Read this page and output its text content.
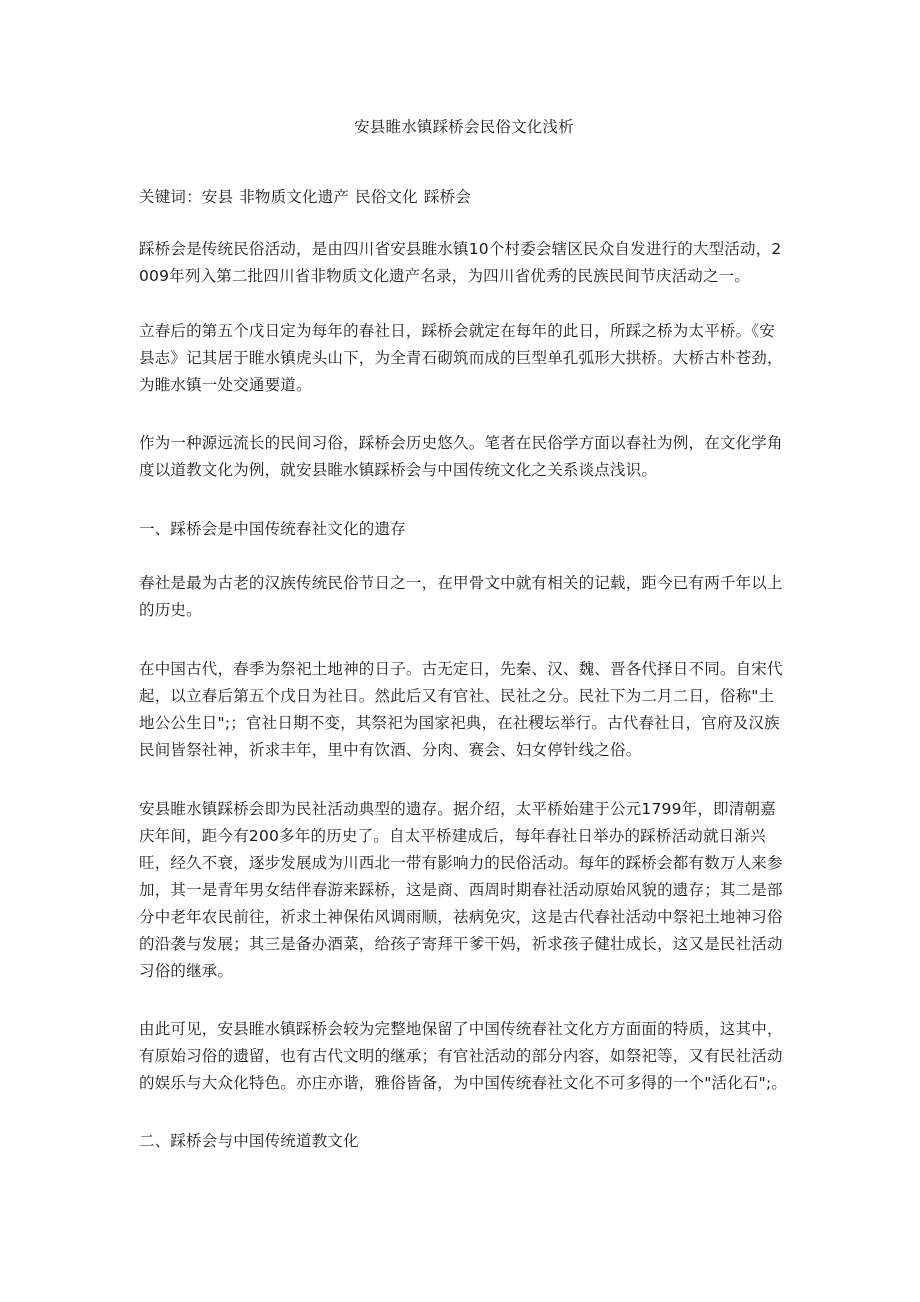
安县睢水镇踩桥会民俗文化浅析

关键词：安县 非物质文化遗产 民俗文化 踩桥会

踩桥会是传统民俗活动，是由四川省安县睢水镇10个村委会辖区民众自发进行的大型活动，2009年列入第二批四川省非物质文化遗产名录，为四川省优秀的民族民间节庆活动之一。

立春后的第五个戊日定为每年的春社日，踩桥会就定在每年的此日，所踩之桥为太平桥。《安县志》记其居于睢水镇虎头山下，为全青石砌筑而成的巨型单孔弧形大拱桥。大桥古朴苍劲，为睢水镇一处交通要道。

作为一种源远流长的民间习俗，踩桥会历史悠久。笔者在民俗学方面以春社为例，在文化学角度以道教文化为例，就安县睢水镇踩桥会与中国传统文化之关系谈点浅识。

一、踩桥会是中国传统春社文化的遗存

春社是最为古老的汉族传统民俗节日之一，在甲骨文中就有相关的记载，距今已有两千年以上的历史。

在中国古代，春季为祭祀土地神的日子。古无定日，先秦、汉、魏、晋各代择日不同。自宋代起，以立春后第五个戊日为社日。然此后又有官社、民社之分。民社下为二月二日，俗称"土地公公生日";；官社日期不变，其祭祀为国家祀典，在社稷坛举行。古代春社日，官府及汉族民间皆祭社神，祈求丰年，里中有饮酒、分肉、赛会、妇女停针线之俗。

安县睢水镇踩桥会即为民社活动典型的遗存。据介绍，太平桥始建于公元1799年，即清朝嘉庆年间，距今有200多年的历史了。自太平桥建成后，每年春社日举办的踩桥活动就日渐兴旺，经久不衰，逐步发展成为川西北一带有影响力的民俗活动。每年的踩桥会都有数万人来参加，其一是青年男女结伴春游来踩桥，这是商、西周时期春社活动原始风貌的遗存；其二是部分中老年农民前往，祈求土神保佑风调雨顺，祛病免灾，这是古代春社活动中祭祀土地神习俗的沿袭与发展；其三是备办酒菜，给孩子寄拜干爹干妈，祈求孩子健壮成长，这又是民社活动习俗的继承。

由此可见，安县睢水镇踩桥会较为完整地保留了中国传统春社文化方方面面的特质，这其中，有原始习俗的遗留，也有古代文明的继承；有官社活动的部分内容，如祭祀等，又有民社活动的娱乐与大众化特色。亦庄亦谐，雅俗皆备，为中国传统春社文化不可多得的一个"活化石";。

二、踩桥会与中国传统道教文化
